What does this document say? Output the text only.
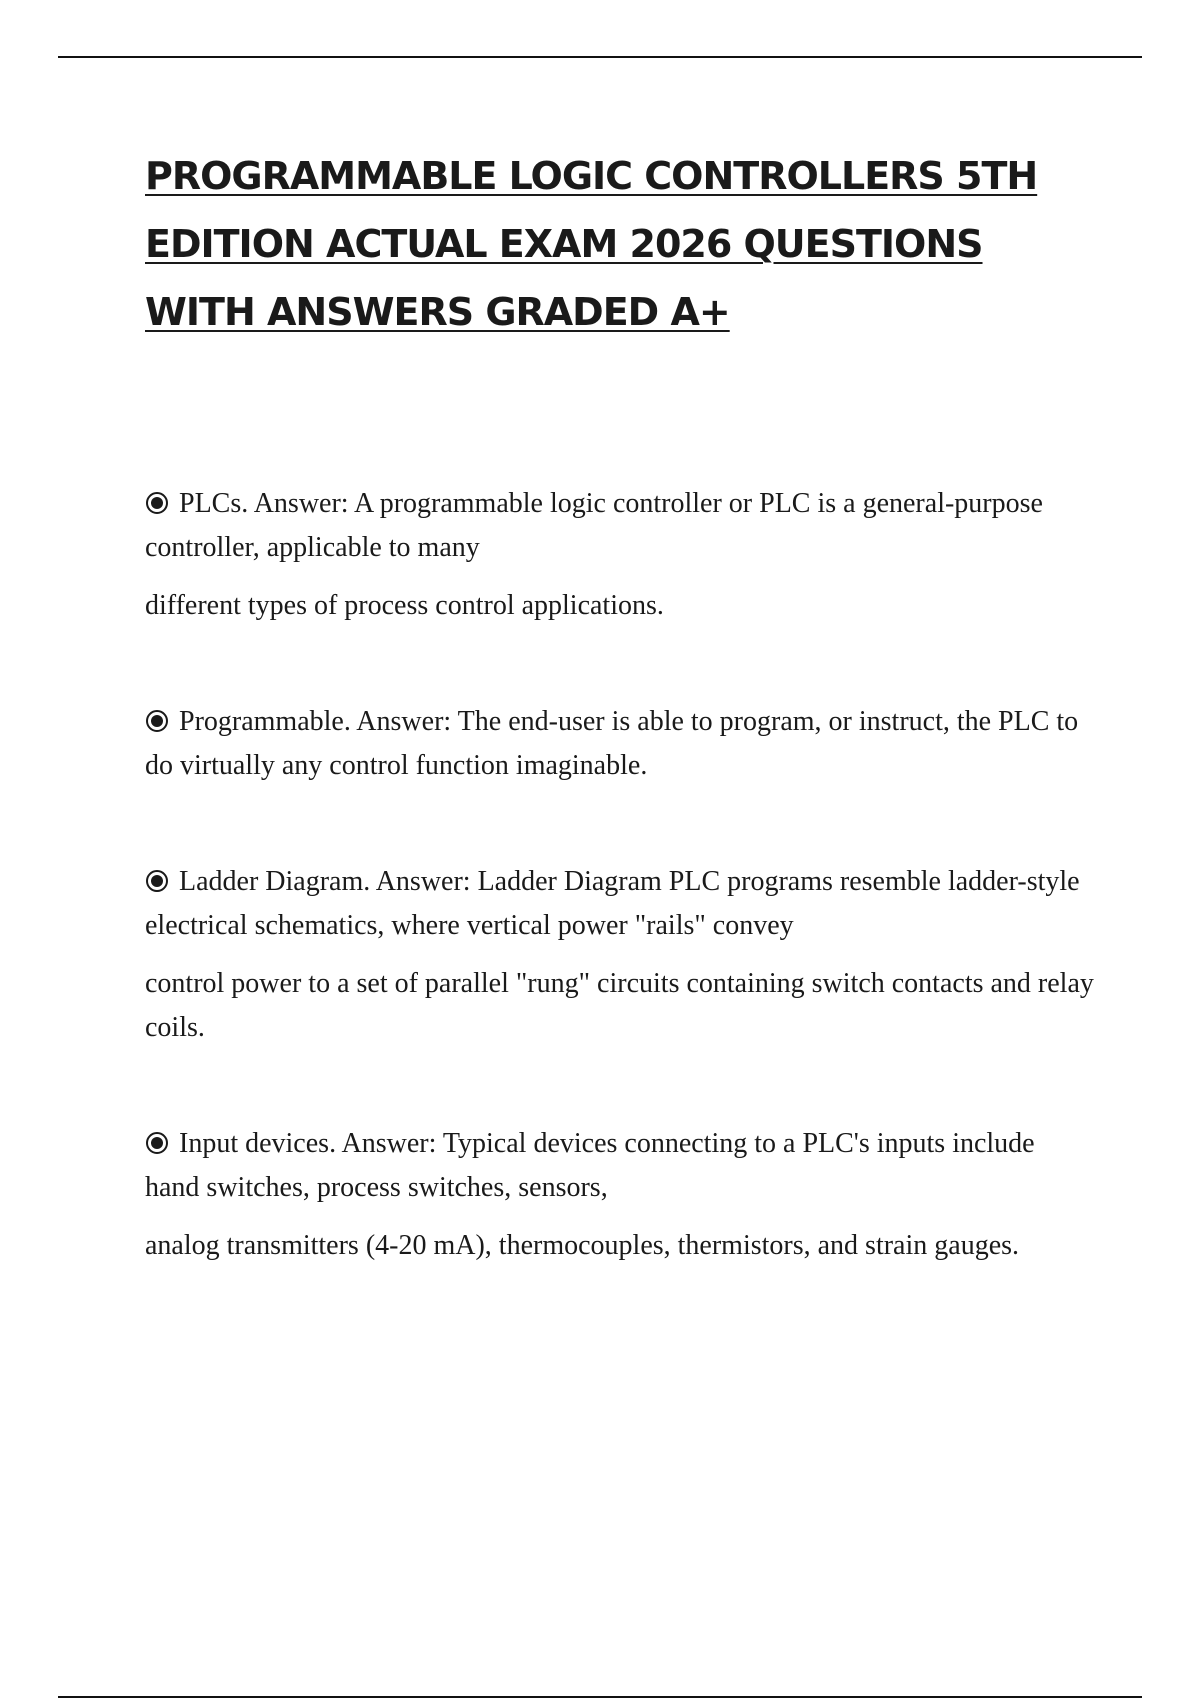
PROGRAMMABLE LOGIC CONTROLLERS 5TH
EDITION ACTUAL EXAM 2026 QUESTIONS
WITH ANSWERS GRADED A+

PLCs. Answer: A programmable logic controller or PLC is a general-purpose controller, applicable to many

different types of process control applications.

Programmable. Answer: The end-user is able to program, or instruct, the PLC to do virtually any control function imaginable.

Ladder Diagram. Answer: Ladder Diagram PLC programs resemble ladder-style electrical schematics, where vertical power "rails" convey

control power to a set of parallel "rung" circuits containing switch contacts and relay coils.

Input devices. Answer: Typical devices connecting to a PLC's inputs include hand switches, process switches, sensors,

analog transmitters (4-20 mA), thermocouples, thermistors, and strain gauges.
